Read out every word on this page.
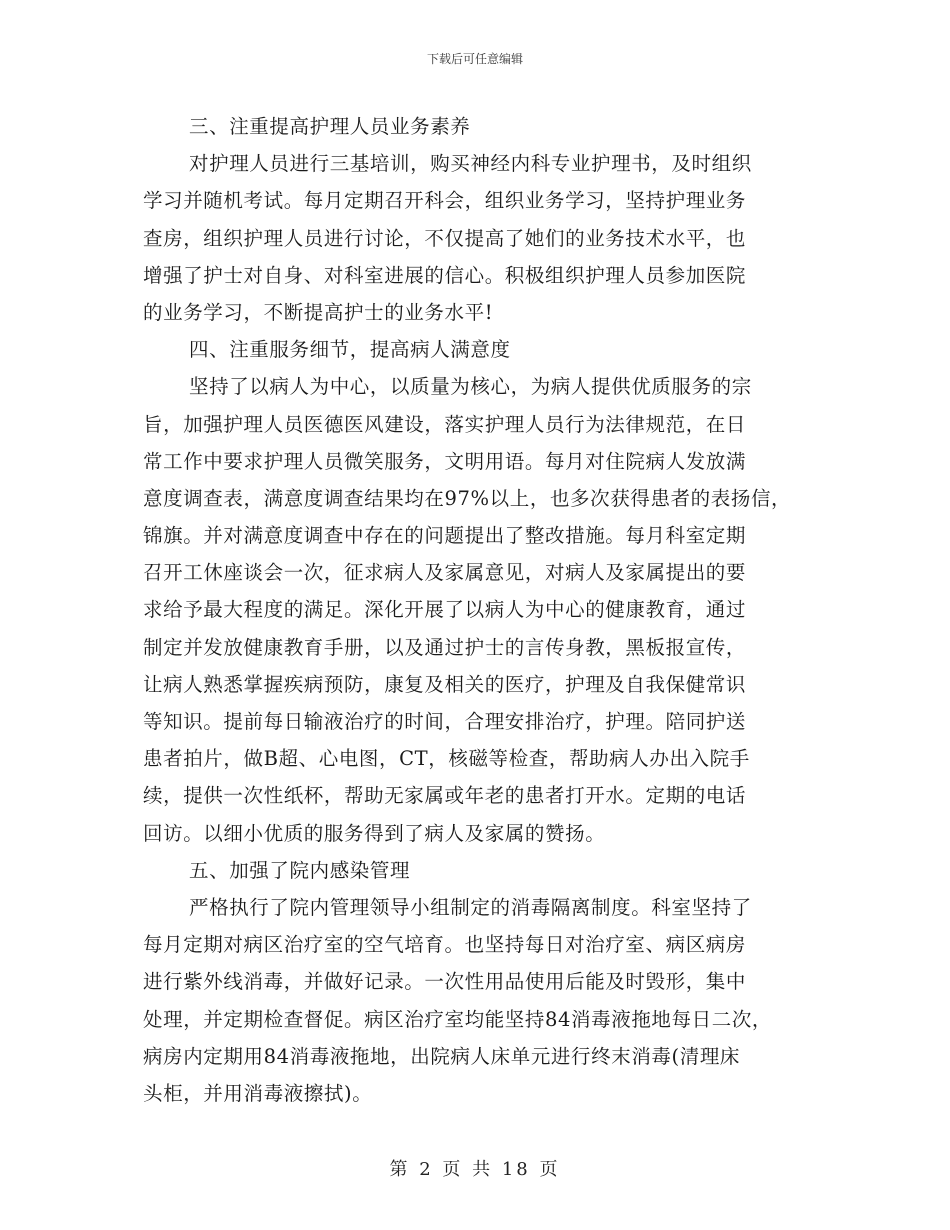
下载后可任意编辑
三、注重提高护理人员业务素养
对护理人员进行三基培训，购买神经内科专业护理书，及时组织
学习并随机考试。每月定期召开科会，组织业务学习，坚持护理业务
查房，组织护理人员进行讨论，不仅提高了她们的业务技术水平，也
增强了护士对自身、对科室进展的信心。积极组织护理人员参加医院
的业务学习，不断提高护士的业务水平!
四、注重服务细节，提高病人满意度
坚持了以病人为中心，以质量为核心，为病人提供优质服务的宗
旨，加强护理人员医德医风建设，落实护理人员行为法律规范，在日
常工作中要求护理人员微笑服务，文明用语。每月对住院病人发放满
意度调查表，满意度调查结果均在97%以上，也多次获得患者的表扬信，
锦旗。并对满意度调查中存在的问题提出了整改措施。每月科室定期
召开工休座谈会一次，征求病人及家属意见，对病人及家属提出的要
求给予最大程度的满足。深化开展了以病人为中心的健康教育，通过
制定并发放健康教育手册，以及通过护士的言传身教，黑板报宣传，
让病人熟悉掌握疾病预防，康复及相关的医疗，护理及自我保健常识
等知识。提前每日输液治疗的时间，合理安排治疗，护理。陪同护送
患者拍片，做B超、心电图，CT，核磁等检查，帮助病人办出入院手
续，提供一次性纸杯，帮助无家属或年老的患者打开水。定期的电话
回访。以细小优质的服务得到了病人及家属的赞扬。
五、加强了院内感染管理
严格执行了院内管理领导小组制定的消毒隔离制度。科室坚持了
每月定期对病区治疗室的空气培育。也坚持每日对治疗室、病区病房
进行紫外线消毒，并做好记录。一次性用品使用后能及时毁形，集中
处理，并定期检查督促。病区治疗室均能坚持84消毒液拖地每日二次，
病房内定期用84消毒液拖地，出院病人床单元进行终末消毒(清理床
头柜，并用消毒液擦拭)。
第 2 页 共 18 页
